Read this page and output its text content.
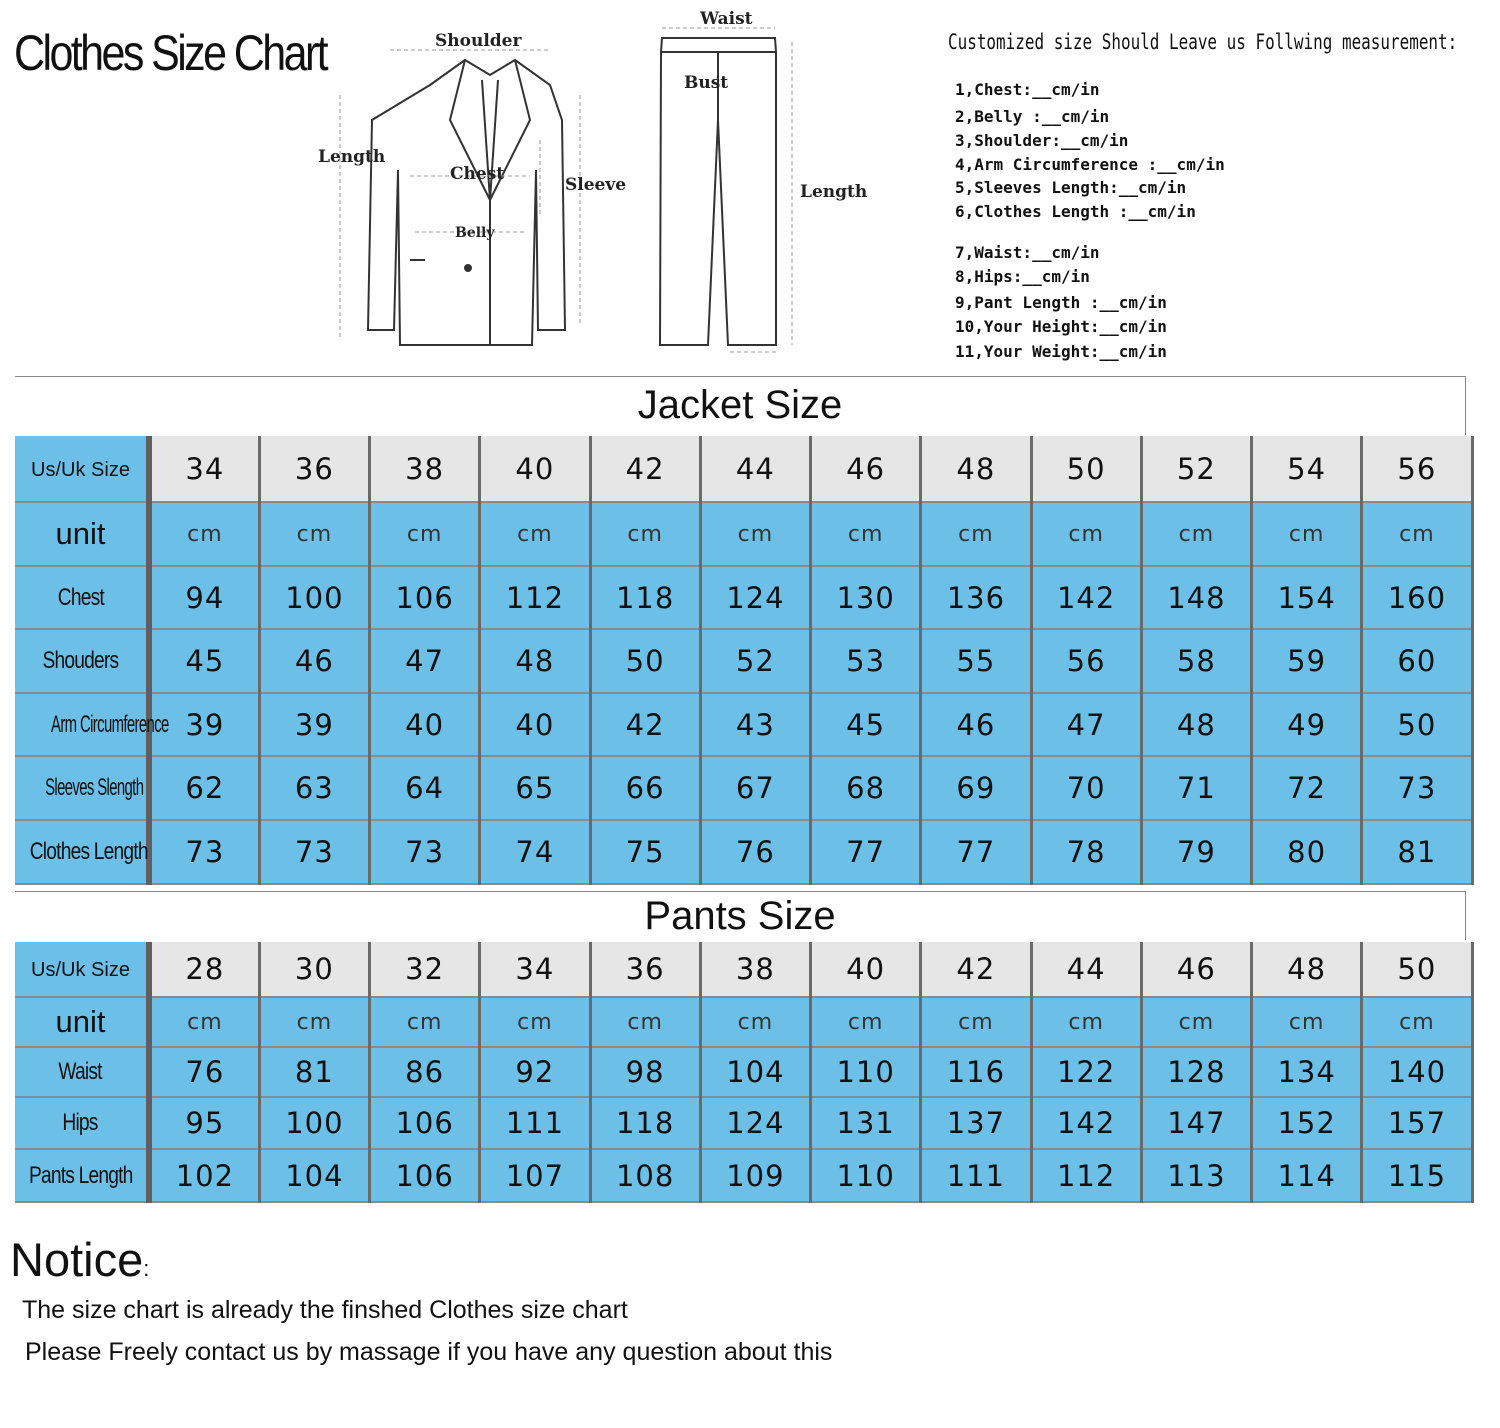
Clothes Size Chart	Shoulder
Length
Chest
Sleeve
Belly
Waist
Bust
Length
Customized size Should Leave us Follwing measurement:
1,Chest:__cm/in
2,Belly :__cm/in
3,Shoulder:__cm/in
4,Arm Circumference :__cm/in
5,Sleeves Length:__cm/in
6,Clothes Length :__cm/in
7,Waist:__cm/in
8,Hips:__cm/in
9,Pant Length :__cm/in
10,Your Height:__cm/in
11,Your Weight:__cm/in
Jacket Size
Us/Uk Size	34	36	38	40	42	44	46	48	50	52	54	56
unit	cm	cm	cm	cm	cm	cm	cm	cm	cm	cm	cm	cm
Chest	94	100	106	112	118	124	130	136	142	148	154	160
Shouders	45	46	47	48	50	52	53	55	56	58	59	60
Arm Circumference	39	39	40	40	42	43	45	46	47	48	49	50
Sleeves Slength	62	63	64	65	66	67	68	69	70	71	72	73
Clothes Length	73	73	73	74	75	76	77	77	78	79	80	81
Pants Size
Us/Uk Size	28	30	32	34	36	38	40	42	44	46	48	50
unit	cm	cm	cm	cm	cm	cm	cm	cm	cm	cm	cm	cm
Waist	76	81	86	92	98	104	110	116	122	128	134	140
Hips	95	100	106	111	118	124	131	137	142	147	152	157
Pants Length	102	104	106	107	108	109	110	111	112	113	114	115
Notice:
The size chart is already the finshed Clothes size chart
Please Freely contact us by massage if you have any question about this
